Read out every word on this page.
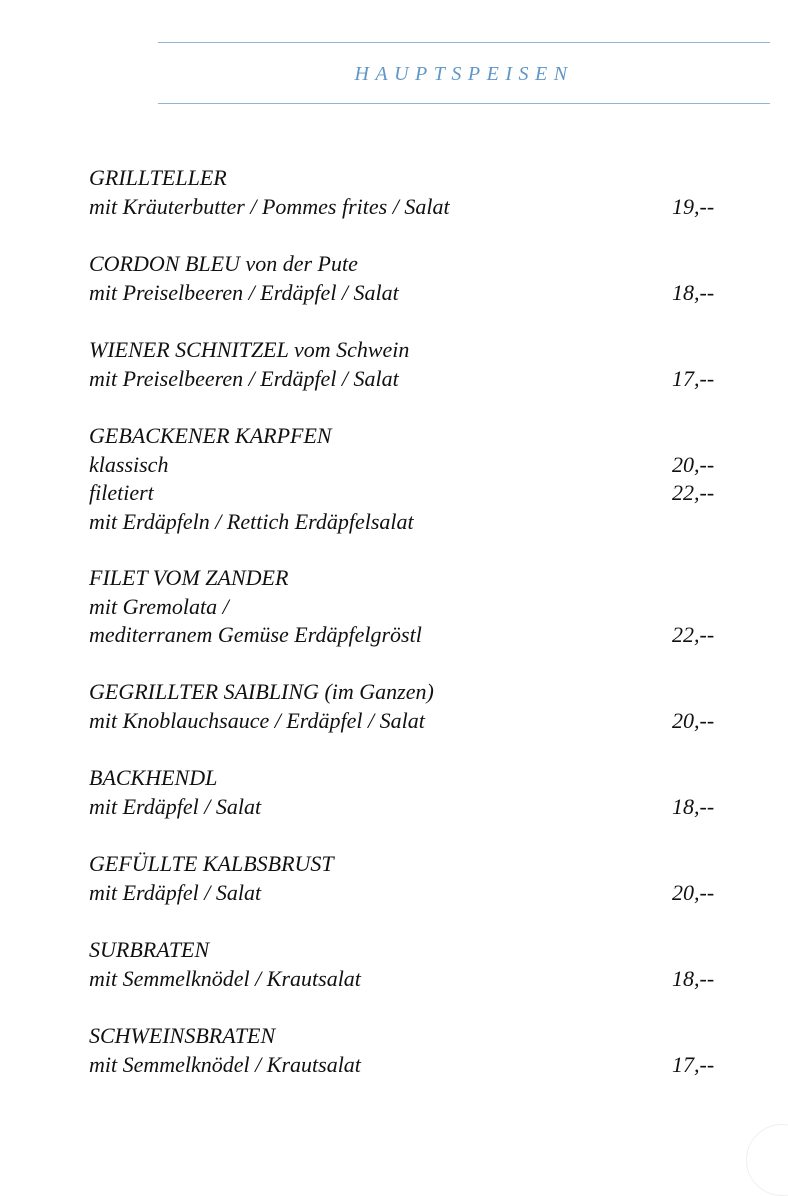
HAUPTSPEISEN
GRILLTELLER
mit Kräuterbutter / Pommes frites / Salat	19,--
CORDON BLEU von der Pute
mit Preiselbeeren / Erdäpfel / Salat	18,--
WIENER SCHNITZEL vom Schwein
mit Preiselbeeren / Erdäpfel / Salat	17,--
GEBACKENER KARPFEN
klassisch	20,--
filetiert	22,--
mit Erdäpfeln / Rettich Erdäpfelsalat
FILET VOM ZANDER
mit Gremolata /
mediterranem Gemüse Erdäpfelgröstl	22,--
GEGRILLTER SAIBLING (im Ganzen)
mit Knoblauchsauce / Erdäpfel / Salat	20,--
BACKHENDL
mit Erdäpfel / Salat	18,--
GEFÜLLTE KALBSBRUST
mit Erdäpfel / Salat	20,--
SURBRATEN
mit Semmelknödel / Krautsalat	18,--
SCHWEINSBRATEN
mit Semmelknödel / Krautsalat	17,--
